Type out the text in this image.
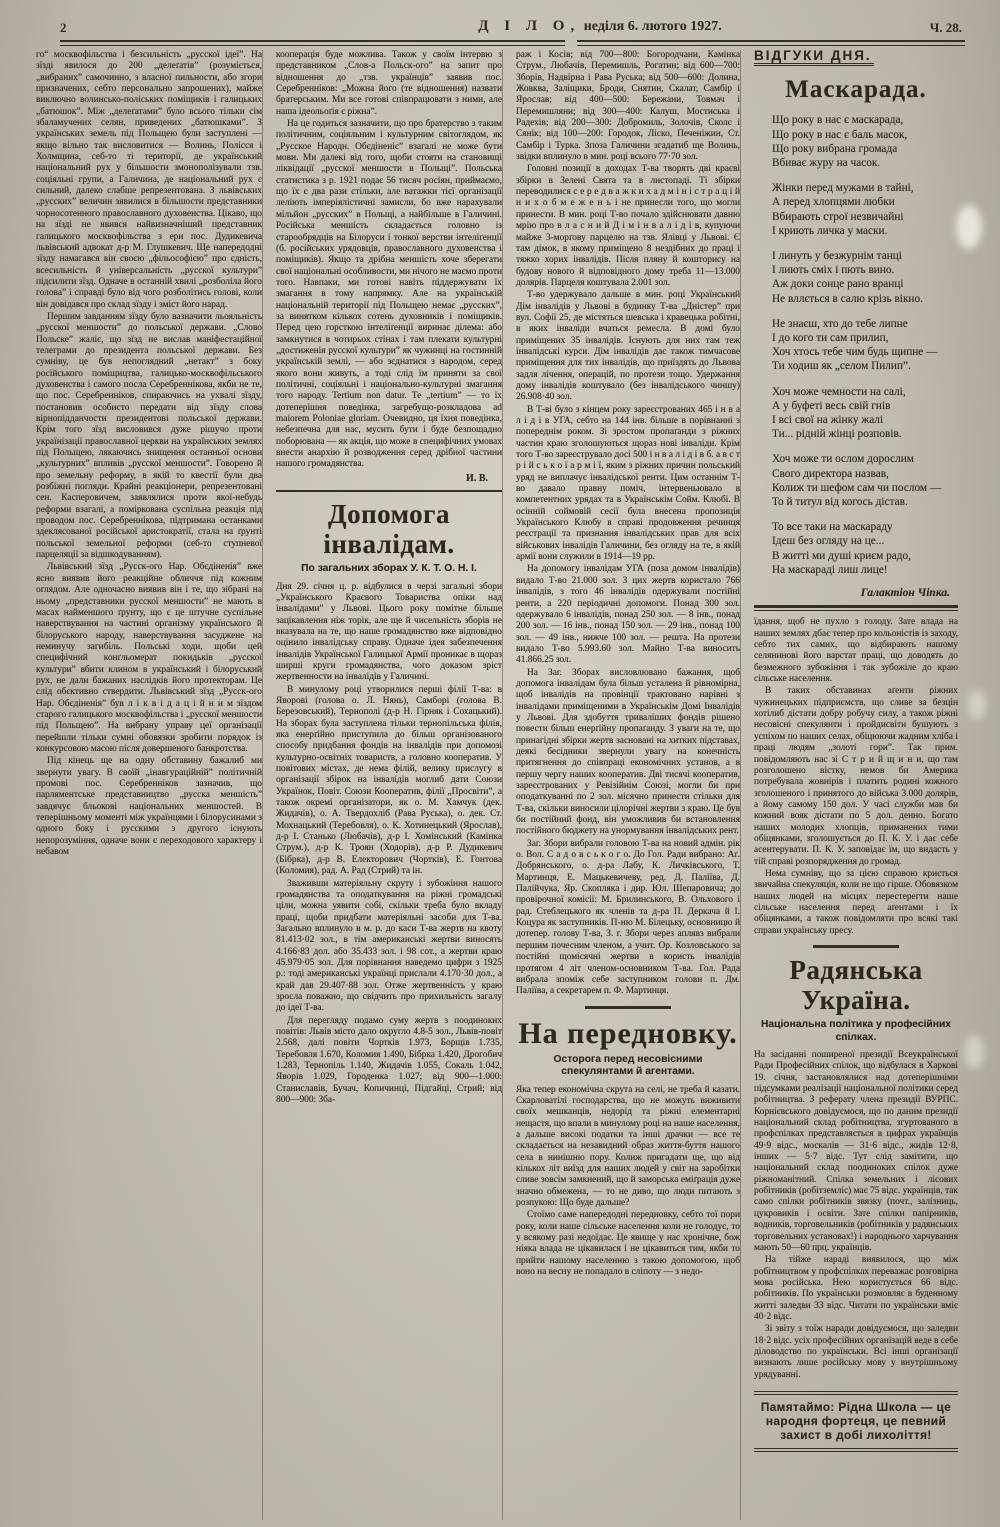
2	Д І Л О, неділя 6. лютого 1927.	Ч. 28.

го“ москвофільства і безсильність „русскої ідеї”. На зїзді явилося до 200 „делеґатів” (розуміється, „вибраних” самочинно, з власної пильности, або згори призначених, себто персонально запрошених), майже виключно волинсько-поліських поміщиків і галицьких „батюшок”. Між „делеґатами” було всього тільки сім збаламучених селян, приведених „батюшками”. З українських земель під Польщею були заступлені — якщо вільно так висловитися — Волинь, Полісся і Холмщина, себ-то ті території, де український національний рух у більшости змонополізували тзв. соціяльні групи, а Галичина, де національний рух є сильний, далеко слабше репрезентована. З львівських „русских” величин зявилися в більшости представники чорносотенного православного духовенства. Цікаво, що на зїзді не явився найвизначніший представник галицького москвофільства з ери пос. Дудикевича львівський адвокат д-р М. Глушкевич. Ще напередодні зїзду намагався він своєю „фільософією” про єдність, всесильність й універсальність „русскої культури” підсилити зїзд. Одначе в останній хвилі „розболіла його голова” і справді було від чого розболітись голові, коли він довідався про склад зїзду і зміст його нарад.

Першим завданням зїзду було вазначити льояльність „русскої меншости” до польської держави. „Слово Польске” жаліє, що зїзд не вислав маніфестаційної телеграми до президента польської держави. Без сумніву, це був непоглядний „нетакт” з боку російського поміщицтва, галицько-москвофільського духовенства і самого посла Серебреннікова, якби не те, що пос. Серебренніков, спираючись на ухвалі зїзду, постановив особисто передати від зїзду слова вірнопідданчости президентові польської держави. Крім того зїзд висловився дуже рішучо проти українізації православної церкви на українських землях під Польщею, лякаючись знищення останньої основи „культурних” впливів „русскої меншости”. Говорено й про земельну реформу, в якій то квестії були два розбіжні погляди. Крайні реакціонери, репрезентовані сен. Касперовичем, заявлялися проти якої-небудь реформи взагалі, а поміркована суспільна реакція під проводом пос. Серебреннікова, підтримана останками здеклясованої російської аристократії, стала на ґрунті польської земельної реформи (себ-то ступневої парцеляції за відшкодуванням).

Львівський зїзд „Русск-ого Нар. Обєдіненія” вже ясно виявив його реакційне обличчя під кожним оглядом. Але одночасно виявив він і те, що зібрані на ньому „представники русскої меншости” не мають в масах найменшого ґрунту, що є це штучне суспільне наверствування на частині організму українського й білоруського народу, наверствування засуджене на неминучу загибіль. Польські ходи, щоби цей специфічний конґльомерат покидьків „русскої культури” вбити клином в український і білоруський рух, не дали бажаних наслідків його протекторам. Це слід обєктивно ствердити. Львівський зїзд „Русск-ого Нар. Обєдіненія” був л і к в і д а ц і й н и м зїздом старого галицького москвофільства і „русскої меншости під Польщею”. На вибрану управу цеї організації перейшли тільки сумні обовязки зробити порядок із конкурсовою масою після довершеного банкротства.

Під кінець ще на одну обставину бажалиб ми звернути увагу. В своїй „інавгураційній” політичній промові пос. Серебренніков зазначив, що парляментське представництво „русска меншість” завдячує бльокові національних меншостей. В теперішньому моменті між українцями і білорусинами з одного боку і русскими з другого існують непорозуміння, одначе вони є переходового характеру і небавом

кооперація буде можлива. Також у своїм інтервю з представником „Слов-а Польск-ого” на запит про відношення до „тзв. українців” заявив пос. Серебренніков: „Можна його (те відношення) назвати братерським. Ми все готові співпрацювати з ними, але наша ідеольоґія є ріжна”.

На це годиться зазначити, що про братерство з таким політичним, соціяльним і культурним світоглядом, як „Русское Народн. Обєдіненіє” взагалі не може бути мови. Ми далекі від того, щоби стояти на становищі ліквідації „русскої меншости в Польщі”. Польська статистика з р. 1921 подає 56 тисяч росіян, приймаємо, що їх є два рази стільки, але ватажки тієї організації леліють імперіялістичні замисли, бо вже нарахували мільйон „русских” в Польщі, а найбільше в Галичині. Російська меншість складається головно із старообрядців на Білоруси і тонкої верстви інтеліґенції (б. російських урядовців, православного духовенства і поміщиків). Якщо та дрібна меншість хоче зберегати свої національні особливости, ми нічого не маємо проти того. Навпаки, ми готові навіть піддержувати їх змагання в тому напрямку. Але на українській національній території під Польщею немає „русских”, за винятком кількох сотень духовників і поміщиків. Перед цею горсткою інтеліґенції виринає ділема: або замкнутися в чотирьох стінах і там плекати культурні „достиженія русскої культури” як чужинці на гостинній українській землі, — або зєднатися з народом, серед якого вони живуть, а тоді слід їм приняти за свої політичні, соціяльні і національно-культурні змагання того народу. Tertium non datur. Те „tertium” — то їх дотеперішня поведінка, загребущо-розкладова ad maiorem Poloniae gloriam. Очевидно, ця їхня поведінка, небезпечна для нас, мусить бути і буде безпощадно поборювана — як акція, що може в специфічних умовах внести анархію й розводження серед дрібної частини нашого громадянства.

И. В.
Допомога інвалідам.
По загальних зборах У. К. Т. О. Н. І.

Дня 29. січня ц. р. відбулися в черзі загальні збори „Українського Краєвого Товариства опіки над інвалідами” у Львові. Цього року помітне більше зацікавлення ніж торік, але ще й чисельність зборів не вказувала на те, що наше громадянство вже відповідно оцінило інвалідську справу. Одначе ідея забезпечення інвалідів Української Галицької Армії проникає в щораз ширші круги громадянства, чого доказом зріст жертвенности на інвалідів у Галичині.

В минулому році утворилися перші філії Т-ва: в Яворові (голова о. Л. Нянь), Самборі (голова В. Березовський), Тернополі (д-р Н. Гірняк і Сохацький). На зборах була заступлена тільки тернопільська філія, яка енерґійно приступила до більш організованого способу придбання фондів на інвалідів при допомозі культурно-освітніх товариств, а головно кооператив. У повітових містах, де нема філій, велику прислугу в організації збірок на інвалідів моглиб дати Союзи Українок, Повіт. Союзи Кооператив, філії „Просвіти”, а також окремі організатори, як о. М. Хамчук (дек. Жидачів), о. А. Твердохліб (Рава Руська), о. дек. Ст. Мохнацький (Теребовля), о. К. Хотинецький (Ярослав), д-р І. Станько (Любачів), д-р І. Хомінський (Камінка Струм.), д-р К. Троян (Ходорів), д-р Р. Дудикевич (Бібрка), д-р В. Електорович (Чортків), Е. Гонтова (Коломия), рад. А. Рад (Стрий) та ін.

Зваживши матеріяльну скруту і зубожіння нашого громадянства та оподаткування на ріжні громадські ціли, можна уявити собі, скільки треба було вкладу праці, щоби придбати матеріяльні засоби для Т-ва. Загально вплинуло в м. р. до каси Т-ва жертв на квоту 81.413·02 зол., в тім американські жертви виносять 4.166·83 дол. або 35.433 зол. і 98 сот., а жертви краю 45.979·05 зол. Для порівнання наведемо цифри з 1925 р.: тоді американські українці прислали 4.170·30 дол., а край дав 29.407·88 зол. Отже жертвенність у краю зросла поважно, що свідчить про прихильність загалу до ідеї Т-ва.

Для перегляду подамо суму жертв з поодиноких повітів: Львів місто дало округло 4.8-5 зол., Львів-повіт 2.568, далі повіти Чортків 1.973, Борщів 1.735, Теребовля 1.670, Коломия 1.490, Бібрка 1.420, Дрогобич 1.283, Тернопіль 1.140, Жидачів 1.055, Сокаль 1.042, Яворів 1.029, Городенка 1.027; від 900—1.000: Станиславів, Бучач, Копичинці, Підгайці, Стрий; від 800—900: Зба-

раж і Косів; від 700—800: Богородчани, Камінка Струм., Любачів, Перемишль, Рогатин; від 600—700: Зборів, Надвірна і Рава Руська; від 500—600: Долина, Жовква, Заліщики, Броди, Снятин, Скалат, Самбір і Ярослав; від 400—500: Бережани, Товмач і Перемишляни; від 300—400: Калуш, Мостиська і Радехів; від 200—300: Добромиль, Золочів, Сколє і Сянік; від 100—200: Городок, Ліско, Печеніжин, Ст. Самбір і Турка. Зпоза Галичини згадатиб ще Волинь, звідки вплинуло в мин. році всього 77·70 зол.

Головні позиції в доходах Т-ва творять дві краєві збірки в Зелені Свята та в листопаді. Ті збірки переводилися с е р е д в а ж к и х а д м і н і с т р а ц і й н и х о б м е ж е н ь і не принесли того, що могли принести. В мин. році Т-во почало здійснювати давню мрію про в л а с н и й Д і м і н в а л і д і в, купуючи майже 3-морґову парцелю на тзв. Ялівці у Львові. Є там дімок, в якому приміщено 8 нездібних до праці і тяжко хорих інвалідів. Після пляну й кошторису на будову нового й відповідного дому треба 11—13.000 долярів. Парцеля коштувала 2.001 зол.

Т-во удержувало дальше в мин. році Український Дім інвалідів у Львові в будинку Т-ва „Дністер” при вул. Софії 25, де містяться шевська і кравецька робітні, в яких інваліди вчаться ремесла. В домі було приміщених 35 інвалідів. Існують для них там теж інвалідські курси. Дім інвалідів дає також тимчасове приміщення для тих інвалідів, що приїздять до Львова задля лічення, операцій, по протези тощо. Удержання дому інвалідів коштувало (без інвалідського чиншу) 26.908·40 зол.

В Т-ві було з кінцем року зареєстрованих 465 і н в а л і д і в УГА, себто на 144 інв. більше в порівнанні з попереднім роком. Зі зростом пропаґанди з ріжних частин краю зголошуються щораз нові інваліди. Крім того Т-во зареєструвало досі 500 і н в а л і д і в б. а в с т р і й с ь к о ї а р м і ї, яким з ріжних причин польський уряд не виплачує інвалідської ренти. Цим останнім Т-во давало правну поміч, інтервеньювало в компетентних урядах та в Українськім Сойм. Клюбі. В осінній соймовій сесії була внесена пропозиція Українського Клюбу в справі продовження речинця реєстрації та признання інвалідських прав для всіх військових інвалідів Галичини, без огляду на те, в якій армії вони служили в 1914—19 рр.

На допомогу інвалідам УГА (поза домом інвалідів) видало Т-во 21.000 зол. З цих жертв користало 766 інвалідів, з того 46 інвалідів одержували постійні ренти, а 220 періодичні допомоги. Понад 300 зол. одержувало 6 інвалідів, понад 250 зол. — 8 інв., понад 200 зол. — 16 інв., понад 150 зол. — 29 інв., понад 100 зол. — 49 інв., нижче 100 зол. — решта. На протези видало Т-во 5.993.60 зол. Майно Т-ва виносить 41.866.25 зол.

На Заг. Зборах висловлювано бажання, щоб допомога інвалідам була більш усталена й рівномірна, щоб інвалідів на провінції трактовано нарівні з інвалідами приміщеними в Українськім Домі Інвалідів у Львові. Для здобуття триваліших фондів рішено повести більш енерґійну пропаґанду. З уваги на те, що принагідні збірки жертв засновані на хитких підставах, деякі бесідники звернули увагу на конечність притягнення до співпраці економічних установ, а в першу чергу наших кооператив. Дві тисячі кооператив, зареєстрованих у Ревізійнім Союзі, могли би при оподаткуванні по 2 зол. місячно принести стільки для Т-ва, скільки виносили цілорічні жертви з краю. Це був би постійний фонд, він уможливив би встановлення постійного бюджету на унормування інвалідських рент.

Заг. Збори вибрали головою Т-ва на новий адмін. рік о. Вол. С а д о в с ь к о г о. До Гол. Ради вибрано: Аґ. Добрянського, о. д-ра Лабу, К. Личківського, Т. Мартинця, Е. Мацькевичеву, ред. Д. Паліїва, Д. Палійчука, Яр. Скопляка і дир. Юл. Шепаровича; до провірочної комісії: М. Брилинського, В. Ольхового і рад. Стеблецького як членів та д-ра П. Деркача й І. Коцура як заступників. П-ню М. Білецьку, основницю й дотепер. голову Т-ва, З. г. Збори через аплявз вибрали першим почесним членом, а учит. Ор. Козловського за постійні щомісячні жертви в користь інвалідів протягом 4 літ членом-основником Т-ва. Гол. Рада вибрала зпоміж себе заступником голови п. Дм. Паліїва, а секретарем п. Ф. Мартинця.

На передновку.
Осторога перед несовісними спекулянтами й агентами.

Яка тепер економічна скрута на селі, не треба й казати. Скарловатілі господарства, що не можуть виживити своїх мешканців, недорід та ріжні елементарні нещастя, що впали в минулому році на наше населення, а дальше високі податки та інші драчки — все те складається на незавидний образ життя-буття нашого села в нинішню пору. Колиж пригадати ще, що від кількох літ виїзд для наших людей у світ на заробітки сливе зовсім замкнений, що й заморська еміґрація дуже значно обмежена, — то не диво, що люди питають з розпукою: Що буде дальше?

Стоїмо саме напередодні передновку, себто тої пори року, коли наше сільське населення коли не голодує, то у всякому разі недоїдає. Це явище у нас хронічне, бож ніяка влада не цікавилася і не цікавиться тим, якби то прийти нашому населенню з такою допомогою, щоб воно на весну не попадало в сліпоту — з недо-

ВІДГУКИ ДНЯ.
Маскарада.
Що року в нас є маскарада,
Що року в нас є баль масок,
Що року вибрана громада
Вбиває журу на часок.
Жінки перед мужами в тайні,
А перед хлопцями любки
Вбирають строї незвичайні
І криють личка у маски.
І линуть у безжурнім танці
І лиють сміх і пють вино.
Аж доки сонце рано вранці
Не вллється в салю крізь вікно.
Не знаєш, хто до тебе липне
І до кого ти сам прилип,
Хоч хтось тебе чим будь щипне —
Ти ходиш як „селом Пилип”.
Хоч може чемности на салі,
А у буфеті весь свій гнів
І всі свої на жінку жалі
Ти... рідній жінці розповів.
Хоч може ти ослом дорослим
Свого директора назвав,
Колиж ти шефом сам чи послом —
То й титул від когось дістав.
То все таки на маскараду
Ідеш без огляду на це...
В житті ми душі криєм радо,
На маскараді лиш лице!
Галактіон Чіпка.

їдання, щоб не пухло з голоду. Зате влада на наших землях дбає тепер про кольоністів із заходу, себто тих самих, що відбирають нашому селянинові його варстат праці, що доводять до безмежного зубожіння і так зубожіле до краю сільське населення.

В таких обставинах аґенти ріжних чужинецьких підприємств, що сливе за безцін хотілиб дістати добру робучу силу, а також ріжні несовісні спекулянти і пройдисвіти бушують з успіхом по наших селах, обіцюючи жадним хліба і праці людям „золоті гори”. Так прим. повідомляють нас зі С т р и й щ и н и, що там розголошено вістку, немов би Америка потребувала жовнірів і платить родині кожного зголошеного і принятого до війська 3.000 долярів, а йому самому 150 дол. У часі служби мав би кожний вояк дістати по 5 дол. денно. Богато наших молодих хлопців, приманених тими обіцянками, зголошується до П. К. У. і дає себе асентерувати. П. К. У. заповідає їм, що видасть у тій справі розпорядження до громад.

Нема сумніву, що за цією справою криється звичайна спекуляція, коли не що гірше. Обовязком наших людей на місцях перестерегти наше сільське населення перед аґентами і їх обіцянками, а також повідомляти про всякі такі справи українську пресу.

Радянська Україна.
Національна політика у професійних спілках.

На засіданні поширеної президії Всеукраїнської Ради Професійних спілок, що відбулася в Харкові 19. січня, застановлялися над дотеперішніми підсумками реалізації національної політики серед робітництва. З реферату члена президії ВУРПС. Корнієвського довідуємося, що по даним президії національний склад робітництва, згуртованого в профспілках представляється в цифрах українців 49·9 відс., москалів — 31·6 відс., жидів 12·8, інших — 5·7 відс. Тут слід замітити, що національний склад поодиноких спілок дуже ріжноманітний. Спілка земельних і лісових робітників (робітземліс) має 75 відс. українців, так само спілки робітників звязку (почт., залізниць, цукровиків і освіти. Зате спілки папірників, водників, торговельників (робітників у радянських торговельних установах!) і народнього харчування мають 50—60 прц. українців.

На тійже нараді виявилося, що між робітництвом у профспілках переважає розговірна мова російська. Нею користується 66 відс. робітників. По українськи розмовляє в буденному житті заледви 33 відс. Читати по українськи вміє 40·2 відс.

Зі звіту з тоїж наради довідуємося, що заледви 18·2 відс. усіх професійних організацій веде в себе діловодство по українськи. Всі інші організації визнають лише російську мову у внутрішньому урядуванні.

Памятаймо: Рідна Школа — це народня фортеця, це певний захист в добі лихоліття!
